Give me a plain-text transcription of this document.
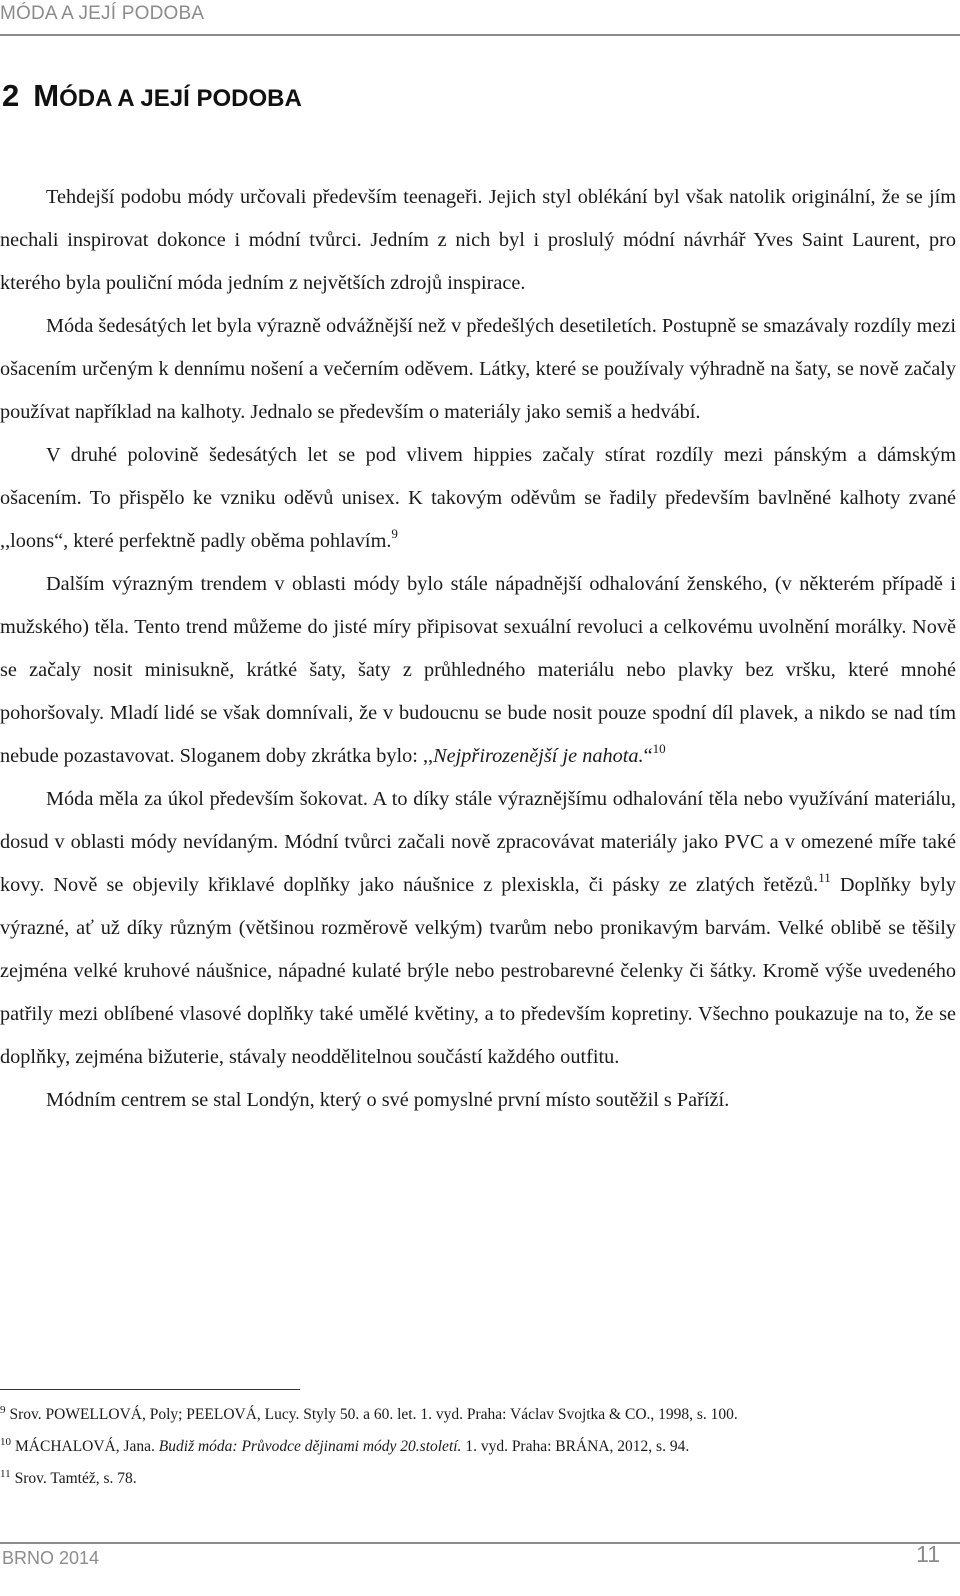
MÓDA A JEJÍ PODOBA
2 MÓDA A JEJÍ PODOBA

Tehdejší podobu módy určovali především teenageři. Jejich styl oblékání byl však natolik originální, že se jím nechali inspirovat dokonce i módní tvůrci. Jedním z nich byl i proslulý módní návrhář Yves Saint Laurent, pro kterého byla pouliční móda jedním z největších zdrojů inspirace.

Móda šedesátých let byla výrazně odvážnější než v předešlých desetiletích. Postupně se smazávaly rozdíly mezi ošacením určeným k dennímu nošení a večerním oděvem. Látky, které se používaly výhradně na šaty, se nově začaly používat například na kalhoty. Jednalo se především o materiály jako semiš a hedvábí.

V druhé polovině šedesátých let se pod vlivem hippies začaly stírat rozdíly mezi pánským a dámským ošacením. To přispělo ke vzniku oděvů unisex. K takovým oděvům se řadily především bavlněné kalhoty zvané ,,loons“, které perfektně padly oběma pohlavím.$^9$

Dalším výrazným trendem v oblasti módy bylo stále nápadnější odhalování ženského, (v některém případě i mužského) těla. Tento trend můžeme do jisté míry připisovat sexuální revoluci a celkovému uvolnění morálky. Nově se začaly nosit minisukně, krátké šaty, šaty z průhledného materiálu nebo plavky bez vršku, které mnohé pohoršovaly. Mladí lidé se však domnívali, že v budoucnu se bude nosit pouze spodní díl plavek, a nikdo se nad tím nebude pozastavovat. Sloganem doby zkrátka bylo: ,,Nejpřirozenější je nahota.“$^{10}$

Móda měla za úkol především šokovat. A to díky stále výraznějšímu odhalování těla nebo využívání materiálu, dosud v oblasti módy nevídaným. Módní tvůrci začali nově zpracovávat materiály jako PVC a v omezené míře také kovy. Nově se objevily křiklavé doplňky jako náušnice z plexiskla, či pásky ze zlatých řetězů.$^{11}$ Doplňky byly výrazné, ať už díky různým (většinou rozměrově velkým) tvarům nebo pronikavým barvám. Velké oblibě se těšily zejména velké kruhové náušnice, nápadné kulaté brýle nebo pestrobarevné čelenky či šátky. Kromě výše uvedeného patřily mezi oblíbené vlasové doplňky také umělé květiny, a to především kopretiny. Všechno poukazuje na to, že se doplňky, zejména bižuterie, stávaly neoddělitelnou součástí každého outfitu.

Módním centrem se stal Londýn, který o své pomyslné první místo soutěžil s Paříží.

$^9$ Srov. POWELLOVÁ, Poly; PEELOVÁ, Lucy. Styly 50. a 60. let. 1. vyd. Praha: Václav Svojtka & CO., 1998, s. 100.
$^{10}$ MÁCHALOVÁ, Jana. Budiž móda: Průvodce dějinami módy 20.století. 1. vyd. Praha: BRÁNA, 2012, s. 94.
$^{11}$ Srov. Tamtéž, s. 78.
BRNO 2014	11
